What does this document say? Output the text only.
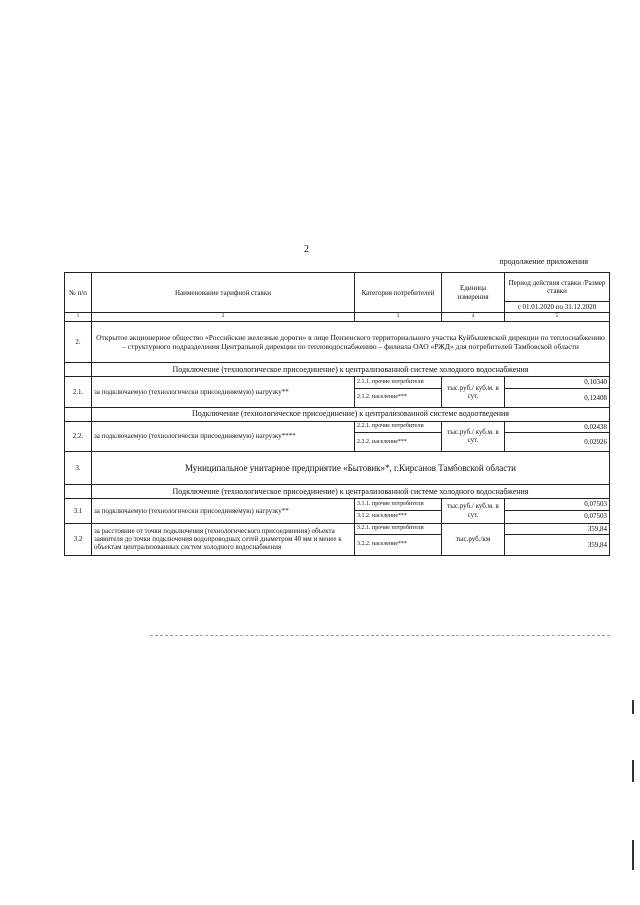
2
продолжение приложения
№ п/п	Наименование тарифной ставки	Категория потребителей	Единица измерения	Период действия ставки /Размер ставки
				с 01.01.2020 по 31.12.2020
1	2	3	4	5
2.	Открытое акционерное общество «Российские железные дороги» в лице Пензенского территориального участка Куйбышевской дирекции по теплоснабжению – структурного подразделения Центральной дирекции по тепловодоснабжению – филиала ОАО «РЖД» для потребителей Тамбовской области			
	Подключение (технологическое присоединение) к централизованной системе холодного водоснабжения			
2.1.	за подключаемую (технологически присоединяемую) нагрузку**	2.1.1. прочие потребители	тыс.руб./ куб.м. в сут.	0,10340
		2.1.2. население***		0,12408
	Подключение (технологическое присоединение) к централизованной системе водоотведения			
2.2.	за подключаемую (технологически присоединяемую) нагрузку****	2.2.1. прочие потребители	тыс.руб./ куб.м. в сут.	0,02438
		2.2.2. население***		0,02926
3.	Муниципальное унитарное предприятие «Бытовик»*, г.Кирсанов Тамбовской области			
	Подключение (технологическое присоединение) к централизованной системе холодного водоснабжения			
3.1	за подключаемую (технологически присоединяемую) нагрузку**	3.1.1. прочие потребители	тыс.руб./ куб.м. в сут.	0,07503
		3.1.2. население***		0,07503
3.2	за расстояние от точки подключения (технологического присоединения) объекта заявителя до точки подключения водопроводных сетей диаметром 40 мм и менее к объектам централизованных систем холодного водоснабжения	3.2.1. прочие потребители	тыс.руб./км	359,84
		3.2.2. население***		359,84
